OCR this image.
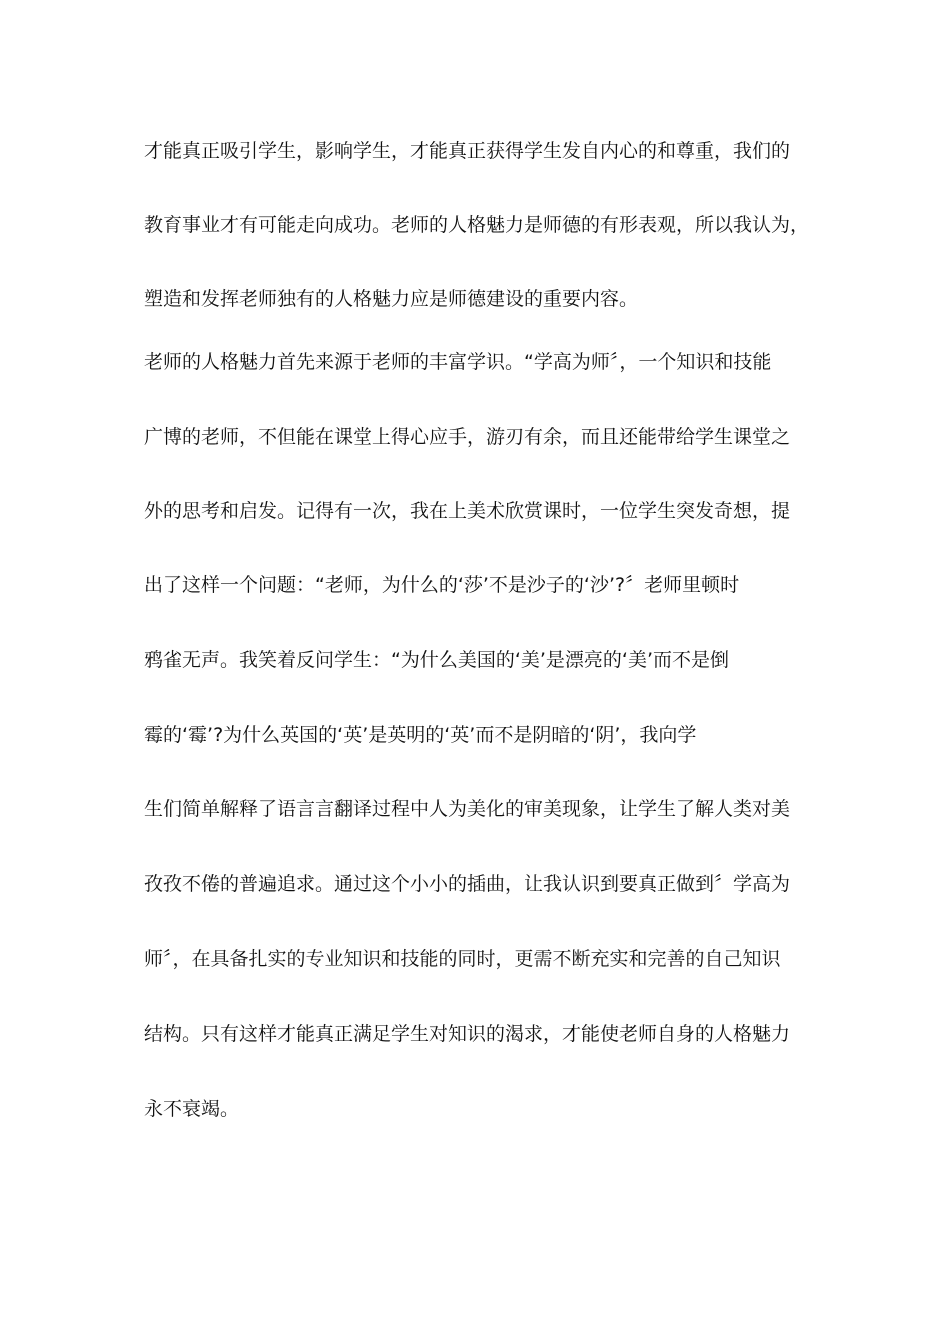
才能真正吸引学生，影响学生，才能真正获得学生发自内心的和尊重，我们的
教育事业才有可能走向成功。老师的人格魅力是师德的有形表观，所以我认为，
塑造和发挥老师独有的人格魅力应是师德建设的重要内容。
老师的人格魅力首先来源于老师的丰富学识。“学高为师〞，一个知识和技能
广博的老师，不但能在课堂上得心应手，游刃有余，而且还能带给学生课堂之
外的思考和启发。记得有一次，我在上美术欣赏课时，一位学生突发奇想，提
出了这样一个问题：“老师，为什么的‘莎’不是沙子的‘沙’?〞老师里顿时
鸦雀无声。我笑着反问学生：“为什么美国的‘美’是漂亮的‘美’而不是倒
霉的‘霉’?为什么英国的‘英’是英明的‘英’而不是阴暗的‘阴’，我向学
生们简单解释了语言言翻译过程中人为美化的审美现象，让学生了解人类对美
孜孜不倦的普遍追求。通过这个小小的插曲，让我认识到要真正做到〞学高为
师〞，在具备扎实的专业知识和技能的同时，更需不断充实和完善的自己知识
结构。只有这样才能真正满足学生对知识的渴求，才能使老师自身的人格魅力
永不衰竭。
